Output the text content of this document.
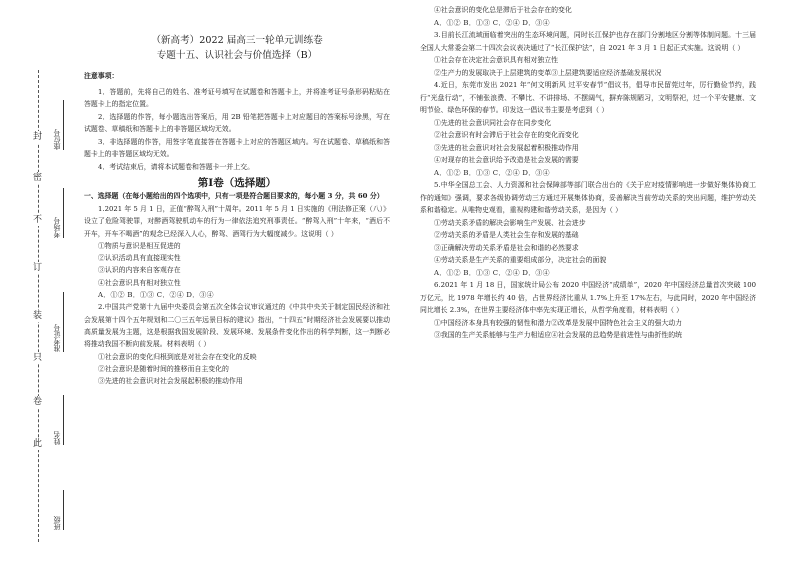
封
密
不
订
装
只
卷
此
座位号
考场号
准考证号
姓名
班级
（新高考）2022 届高三一轮单元训练卷
专题十五、认识社会与价值选择（B）
注意事项：
1．答题前，先将自己的姓名、准考证号填写在试题卷和答题卡上，并将准考证号条形码粘贴在答题卡上的指定位置。
2．选择题的作答，每小题选出答案后，用 2B 铅笔把答题卡上对应题目的答案标号涂黑，写在试题卷、草稿纸和答题卡上的非答题区域均无效。
3．非选择题的作答，用签字笔直接答在答题卡上对应的答题区域内。写在试题卷、草稿纸和答题卡上的非答题区域均无效。
4．考试结束后，请将本试题卷和答题卡一并上交。
第Ⅰ卷（选择题）
一、选择题（在每小题给出的四个选项中，只有一项是符合题目要求的，每小题 3 分，共 60 分）
1.2021 年 5 月 1 日，正值“醉驾入刑”十周年。2011 年 5 月 1 日实施的《刑法修正案（八）》设立了危险驾驶罪，对醉酒驾驶机动车的行为一律依法追究刑事责任。“醉驾入刑”十年来，“酒后不开车，开车不喝酒”的观念已经深入人心，醉驾、酒驾行为大幅度减少。这说明（ ）
①物质与意识是相互促进的
②认识活动具有直接现实性
③认识的内容来自客观存在
④社会意识具有相对独立性
A．①② B．①③ C．②④ D．③④
2.中国共产党第十九届中央委员会第五次全体会议审议通过的《中共中央关于制定国民经济和社会发展第十四个五年规划和二〇三五年远景目标的建议》指出，“十四五”时期经济社会发展要以推动高质量发展为主题，这是根据我国发展阶段、发展环境、发展条件变化作出的科学判断，这一判断必将推动我国不断向前发展。材料表明（ ）
①社会意识的变化归根到底是对社会存在变化的反映
②社会意识是随着时间的推移而自主变化的
③先进的社会意识对社会发展起积极的推动作用
④社会意识的变化总是滞后于社会存在的变化
A．①② B．①③ C．②④ D．③④
3.目前长江流域面临着突出的生态环境问题，同时长江保护也存在部门分割地区分割等体制问题。十三届全国人大常委会第二十四次会议表决通过了“长江保护法”，自 2021 年 3 月 1 日起正式实施。这说明（ ）
①社会存在决定社会意识具有相对独立性
②生产力的发展取决于上层建筑的变革③上层建筑要适应经济基础发展状况
4.近日，东莞市发出 2021 年“何文明新风 过平安春节”倡议书，倡导市民留莞过年，厉行勤俭节约，践行“光盘行动”，不铺张浪费、不攀比、不讲排场、不摆阔气，摒弃陈规陋习，文明祭祀，过一个平安健康、文明节俭、绿色环保的春节。印发这一倡议书主要是考虑到（ ）
①先进的社会意识同社会存在同步变化
②社会意识有时会滞后于社会存在的变化而变化
③先进的社会意识对社会发展起着积极推动作用
④对现存的社会意识给予改造是社会发展的需要
A．①② B．①③ C．②④ D．③④
5.中华全国总工会、人力资源和社会保障部等部门联合出台的《关于应对疫情影响进一步做好集体协商工作的通知》强调，要求各级协调劳动三方通过开展集体协商，妥善解决当前劳动关系的突出问题，维护劳动关系和谐稳定。从唯物史观看，重视构建和谐劳动关系，是因为（ ）
①劳动关系矛盾的解决会影响生产发展、社会进步
②劳动关系的矛盾是人类社会生存和发展的基础
③正确解决劳动关系矛盾是社会和谐的必然要求
④劳动关系是生产关系的重要组成部分，决定社会的面貌
A．①② B．①③ C．②④ D．③④
6.2021 年 1 月 18 日，国家统计局公布 2020 中国经济“成绩单”，2020 年中国经济总量首次突破 100 万亿元，比 1978 年增长约 40 倍，占世界经济比重从 1.7%上升至 17%左右，与此同时，2020 年中国经济同比增长 2.3%，在世界主要经济体中率先实现正增长，从哲学角度看，材料表明（ ）
①中国经济本身具有较强的韧性和潜力②改革是发展中国特色社会主义的强大动力
③我国的生产关系能够与生产力相适应④社会发展的总趋势是前进性与曲折性的统
